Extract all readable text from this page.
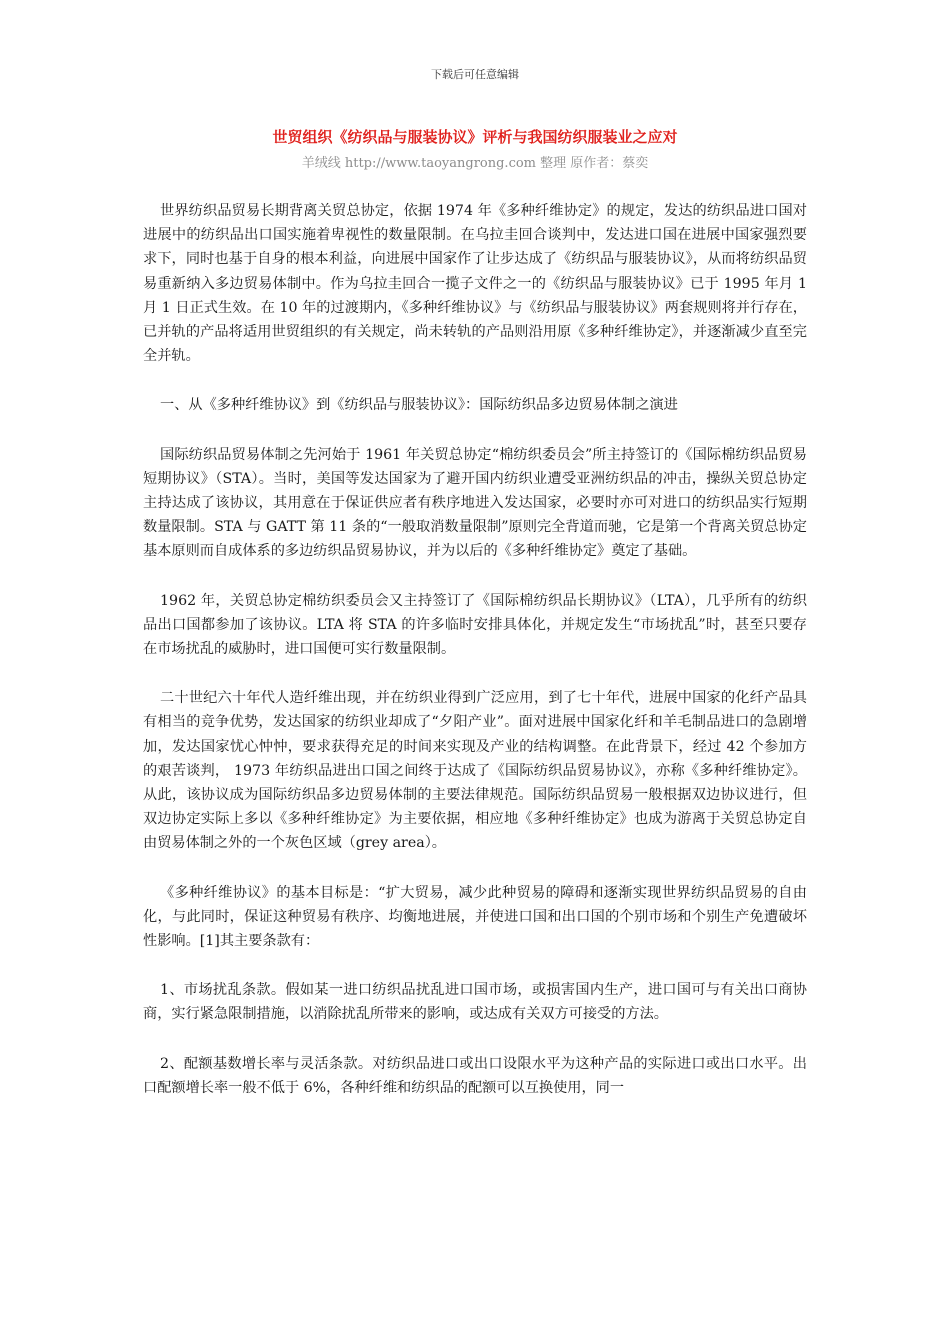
下载后可任意编辑
世贸组织《纺织品与服装协议》评析与我国纺织服装业之应对
羊绒线 http://www.taoyangrong.com 整理 原作者：蔡奕

世界纺织品贸易长期背离关贸总协定，依据 1974 年《多种纤维协定》的规定，发达的纺织品进口国对进展中的纺织品出口国实施着卑视性的数量限制。在乌拉圭回合谈判中，发达进口国在进展中国家强烈要求下，同时也基于自身的根本利益，向进展中国家作了让步达成了《纺织品与服装协议》，从而将纺织品贸易重新纳入多边贸易体制中。作为乌拉圭回合一揽子文件之一的《纺织品与服装协议》已于 1995 年月 1 月 1 日正式生效。在 10 年的过渡期内，《多种纤维协议》与《纺织品与服装协议》两套规则将并行存在，已并轨的产品将适用世贸组织的有关规定，尚未转轨的产品则沿用原《多种纤维协定》，并逐渐减少直至完全并轨。

一、从《多种纤维协议》到《纺织品与服装协议》：国际纺织品多边贸易体制之演进

国际纺织品贸易体制之先河始于 1961 年关贸总协定“棉纺织委员会”所主持签订的《国际棉纺织品贸易短期协议》（STA）。当时，美国等发达国家为了避开国内纺织业遭受亚洲纺织品的冲击，操纵关贸总协定主持达成了该协议，其用意在于保证供应者有秩序地进入发达国家，必要时亦可对进口的纺织品实行短期数量限制。STA 与 GATT 第 11 条的“一般取消数量限制”原则完全背道而驰，它是第一个背离关贸总协定基本原则而自成体系的多边纺织品贸易协议，并为以后的《多种纤维协定》奠定了基础。

1962 年，关贸总协定棉纺织委员会又主持签订了《国际棉纺织品长期协议》（LTA），几乎所有的纺织品出口国都参加了该协议。LTA 将 STA 的许多临时安排具体化，并规定发生“市场扰乱”时，甚至只要存在市场扰乱的威胁时，进口国便可实行数量限制。

二十世纪六十年代人造纤维出现，并在纺织业得到广泛应用，到了七十年代，进展中国家的化纤产品具有相当的竞争优势，发达国家的纺织业却成了“夕阳产业”。面对进展中国家化纤和羊毛制品进口的急剧增加，发达国家忧心忡忡，要求获得充足的时间来实现及产业的结构调整。在此背景下，经过 42 个参加方的艰苦谈判， 1973 年纺织品进出口国之间终于达成了《国际纺织品贸易协议》，亦称《多种纤维协定》。从此，该协议成为国际纺织品多边贸易体制的主要法律规范。国际纺织品贸易一般根据双边协议进行，但双边协定实际上多以《多种纤维协定》为主要依据，相应地《多种纤维协定》也成为游离于关贸总协定自由贸易体制之外的一个灰色区域（grey area）。

《多种纤维协议》的基本目标是：“扩大贸易，减少此种贸易的障碍和逐渐实现世界纺织品贸易的自由化，与此同时，保证这种贸易有秩序、均衡地进展，并使进口国和出口国的个别市场和个别生产免遭破坏性影响。[1]其主要条款有：

1、市场扰乱条款。假如某一进口纺织品扰乱进口国市场，或损害国内生产，进口国可与有关出口商协商，实行紧急限制措施，以消除扰乱所带来的影响，或达成有关双方可接受的方法。

2、配额基数增长率与灵活条款。对纺织品进口或出口设限水平为这种产品的实际进口或出口水平。出口配额增长率一般不低于 6%，各种纤维和纺织品的配额可以互换使用，同一
